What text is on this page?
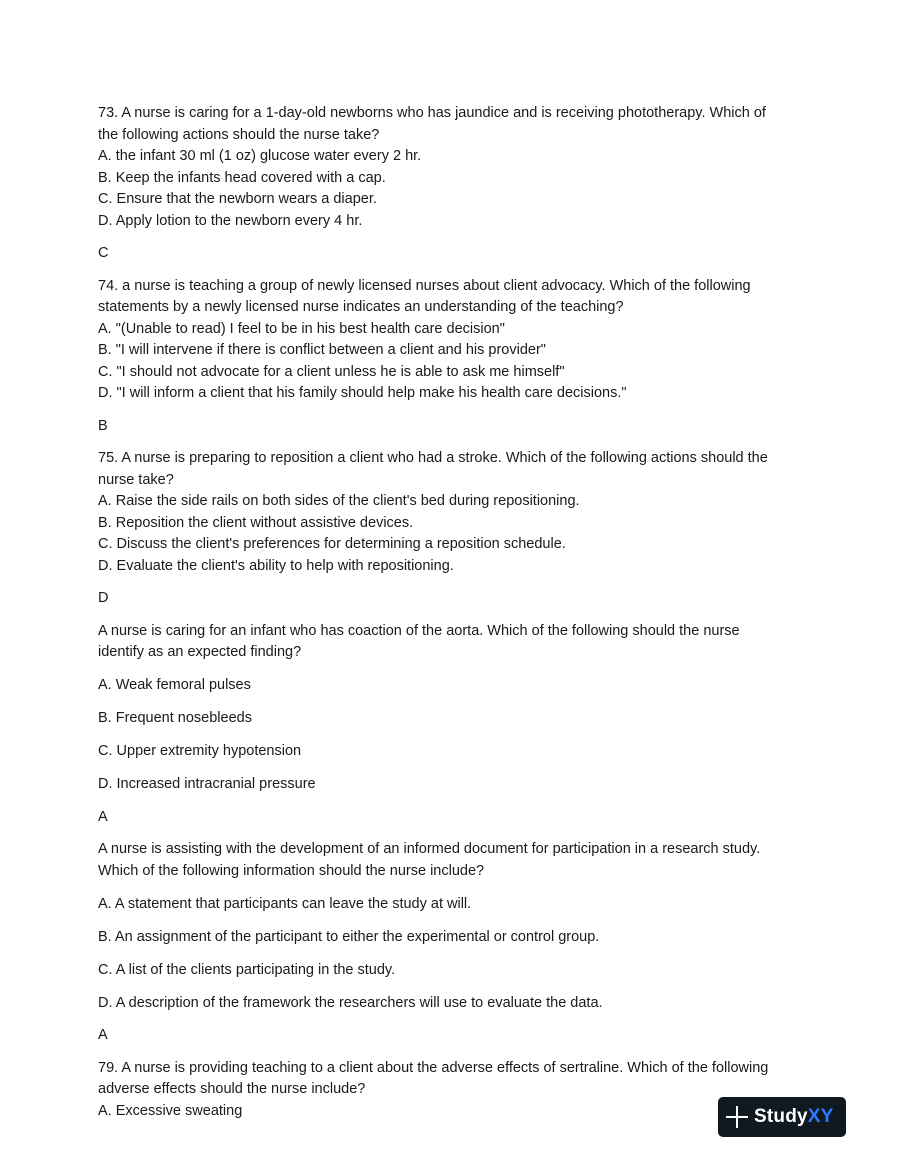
73. A nurse is caring for a 1-day-old newborns who has jaundice and is receiving phototherapy. Which of
the following actions should the nurse take?
A. the infant 30 ml (1 oz) glucose water every 2 hr.
B. Keep the infants head covered with a cap.
C. Ensure that the newborn wears a diaper.
D. Apply lotion to the newborn every 4 hr.
C
74. a nurse is teaching a group of newly licensed nurses about client advocacy. Which of the following
statements by a newly licensed nurse indicates an understanding of the teaching?
A. "(Unable to read) I feel to be in his best health care decision"
B. "I will intervene if there is conflict between a client and his provider"
C. "I should not advocate for a client unless he is able to ask me himself"
D. "I will inform a client that his family should help make his health care decisions."
B
75. A nurse is preparing to reposition a client who had a stroke. Which of the following actions should the
nurse take?
A. Raise the side rails on both sides of the client's bed during repositioning.
B. Reposition the client without assistive devices.
C. Discuss the client's preferences for determining a reposition schedule.
D. Evaluate the client's ability to help with repositioning.
D
A nurse is caring for an infant who has coaction of the aorta. Which of the following should the nurse
identify as an expected finding?
A. Weak femoral pulses
B. Frequent nosebleeds
C. Upper extremity hypotension
D. Increased intracranial pressure
A
A nurse is assisting with the development of an informed document for participation in a research study.
Which of the following information should the nurse include?
A. A statement that participants can leave the study at will.
B. An assignment of the participant to either the experimental or control group.
C. A list of the clients participating in the study.
D. A description of the framework the researchers will use to evaluate the data.
A
79. A nurse is providing teaching to a client about the adverse effects of sertraline. Which of the following
adverse effects should the nurse include?
A. Excessive sweating	StudyXY
